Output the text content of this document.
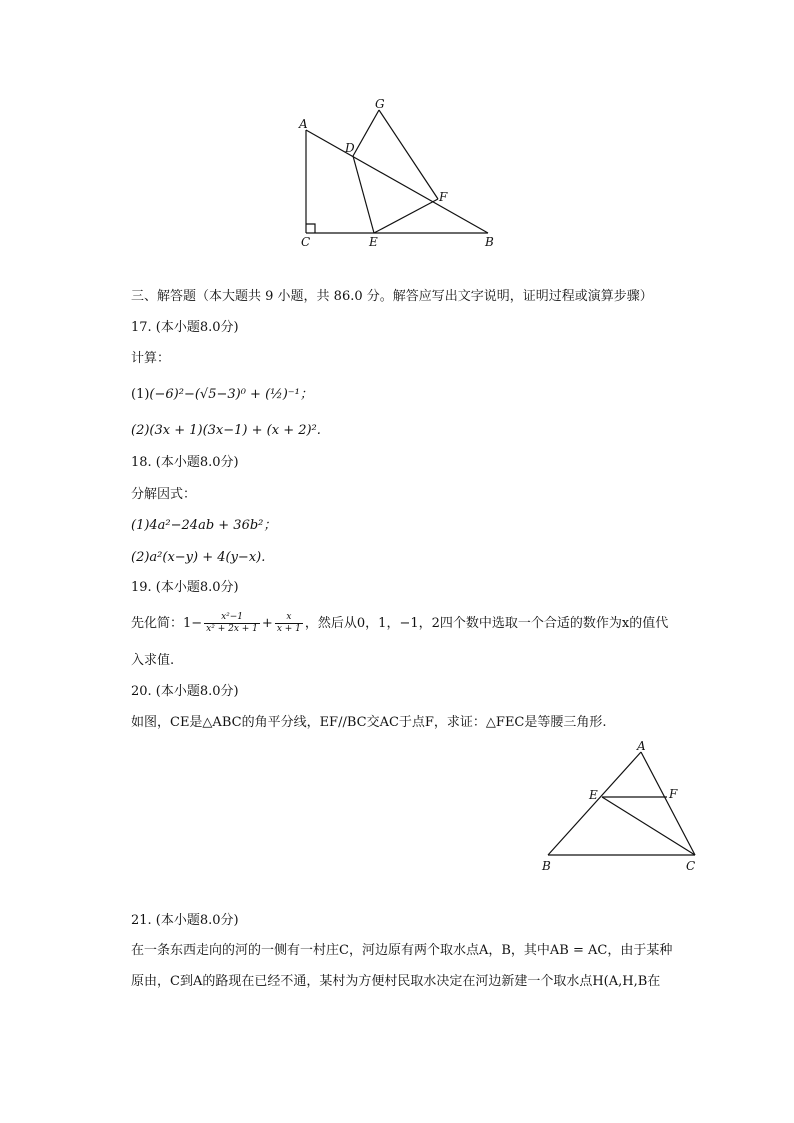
A
G
D
F
C	E	B
三、解答题（本大题共 9 小题，共 86.0 分。解答应写出文字说明，证明过程或演算步骤）
17. (本小题8.0分)
计算：
(1)(−6)²−(√5−3)⁰ + (½)⁻¹；
(2)(3x + 1)(3x−1) + (x + 2)².
18. (本小题8.0分)
分解因式：
(1)4a²−24ab + 36b²；
(2)a²(x−y) + 4(y−x).
19. (本小题8.0分)
先化简：$1- \frac{\text{x²−1}}{\text{x² + 2x + 1}} + \frac{x}{x + 1}$ ，然后从0，1，−1，2四个数中选取一个合适的数作为x的值代
入求值.
20. (本小题8.0分)
如图，CE是△ABC的角平分线，EF//BC交AC于点F，求证：△FEC是等腰三角形.
A
E	F
B	C
21. (本小题8.0分)
在一条东西走向的河的一侧有一村庄C，河边原有两个取水点A，B，其中AB = AC，由于某种
原由，C到A的路现在已经不通，某村为方便村民取水决定在河边新建一个取水点H(A,H,B在
